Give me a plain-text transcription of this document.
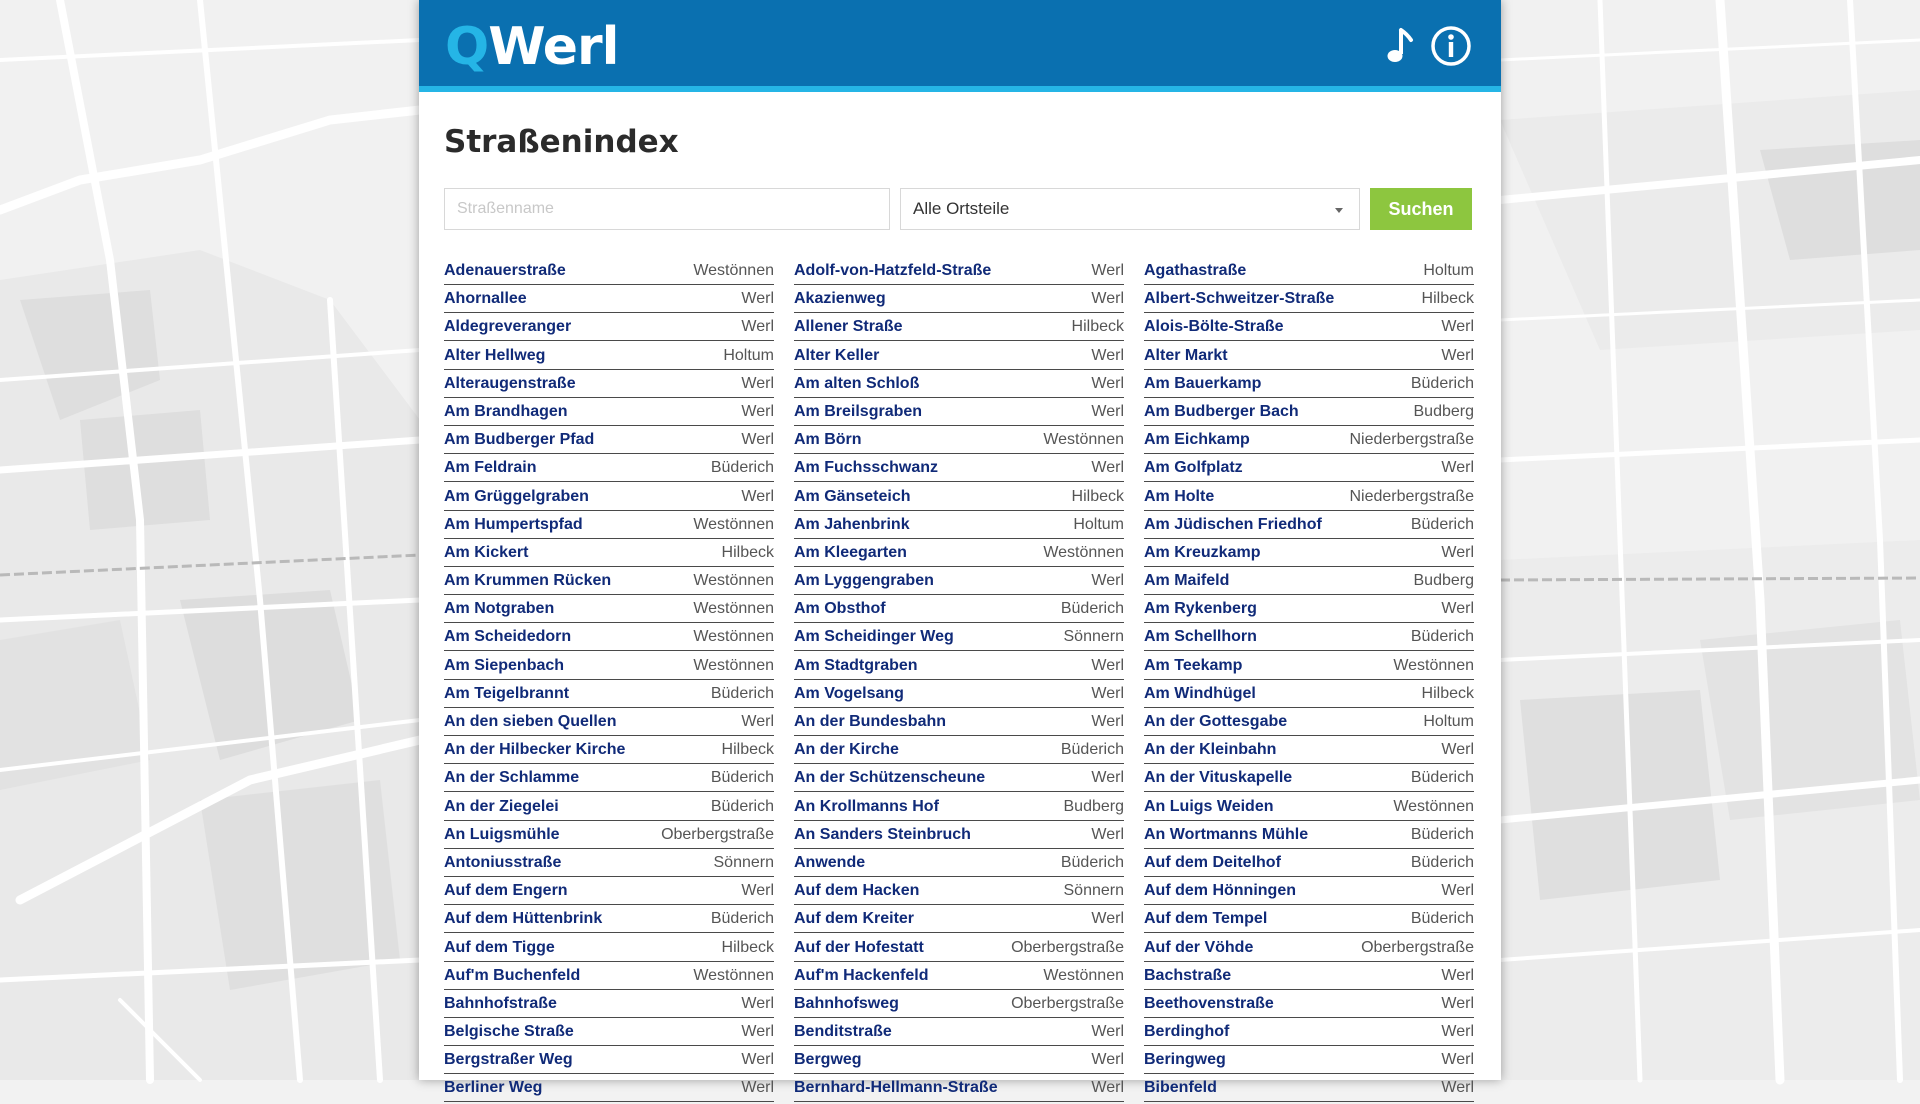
QWerl
Straßenindex
Straßenname
Alle Ortsteile	Suchen
Adenauerstraße	Westönnen Adolf-von-Hatzfeld-Straße	Werl Agathastraße	Holtum
Ahornallee	Werl Akazienweg	Werl Albert-Schweitzer-Straße	Hilbeck
Aldegreveranger	Werl Allener Straße	Hilbeck Alois-Bölte-Straße	Werl
Alter Hellweg	Holtum Alter Keller	Werl Alter Markt	Werl
Alteraugenstraße	Werl Am alten Schloß	Werl Am Bauerkamp	Büderich
Am Brandhagen	Werl Am Breilsgraben	Werl Am Budberger Bach	Budberg
Am Budberger Pfad	Werl Am Börn	Westönnen Am Eichkamp	Niederbergstraße
Am Feldrain	Büderich Am Fuchsschwanz	Werl Am Golfplatz	Werl
Am Grüggelgraben	Werl Am Gänseteich	Hilbeck Am Holte	Niederbergstraße
Am Humpertspfad	Westönnen Am Jahenbrink	Holtum Am Jüdischen Friedhof	Büderich
Am Kickert	Hilbeck Am Kleegarten	Westönnen Am Kreuzkamp	Werl
Am Krummen Rücken	Westönnen Am Lyggengraben	Werl Am Maifeld	Budberg
Am Notgraben	Westönnen Am Obsthof	Büderich Am Rykenberg	Werl
Am Scheidedorn	Westönnen Am Scheidinger Weg	Sönnern Am Schellhorn	Büderich
Am Siepenbach	Westönnen Am Stadtgraben	Werl Am Teekamp	Westönnen
Am Teigelbrannt	Büderich Am Vogelsang	Werl Am Windhügel	Hilbeck
An den sieben Quellen	Werl An der Bundesbahn	Werl An der Gottesgabe	Holtum
An der Hilbecker Kirche	Hilbeck An der Kirche	Büderich An der Kleinbahn	Werl
An der Schlamme	Büderich An der Schützenscheune	Werl An der Vituskapelle	Büderich
An der Ziegelei	Büderich An Krollmanns Hof	Budberg An Luigs Weiden	Westönnen
An Luigsmühle	Oberbergstraße An Sanders Steinbruch	Werl An Wortmanns Mühle	Büderich
Antoniusstraße	Sönnern Anwende	Büderich Auf dem Deitelhof	Büderich
Auf dem Engern	Werl Auf dem Hacken	Sönnern Auf dem Hönningen	Werl
Auf dem Hüttenbrink	Büderich Auf dem Kreiter	Werl Auf dem Tempel	Büderich
Auf dem Tigge	Hilbeck Auf der Hofestatt	Oberbergstraße Auf der Vöhde	Oberbergstraße
Auf'm Buchenfeld	Westönnen Auf'm Hackenfeld	Westönnen Bachstraße	Werl
Bahnhofstraße	Werl Bahnhofsweg	Oberbergstraße Beethovenstraße	Werl
Belgische Straße	Werl Benditstraße	Werl Berdinghof	Werl
Bergstraßer Weg	Werl Bergweg	Werl Beringweg	Werl
Berliner Weg	Werl Bernhard-Hellmann-Straße	Werl Bibenfeld	Werl
